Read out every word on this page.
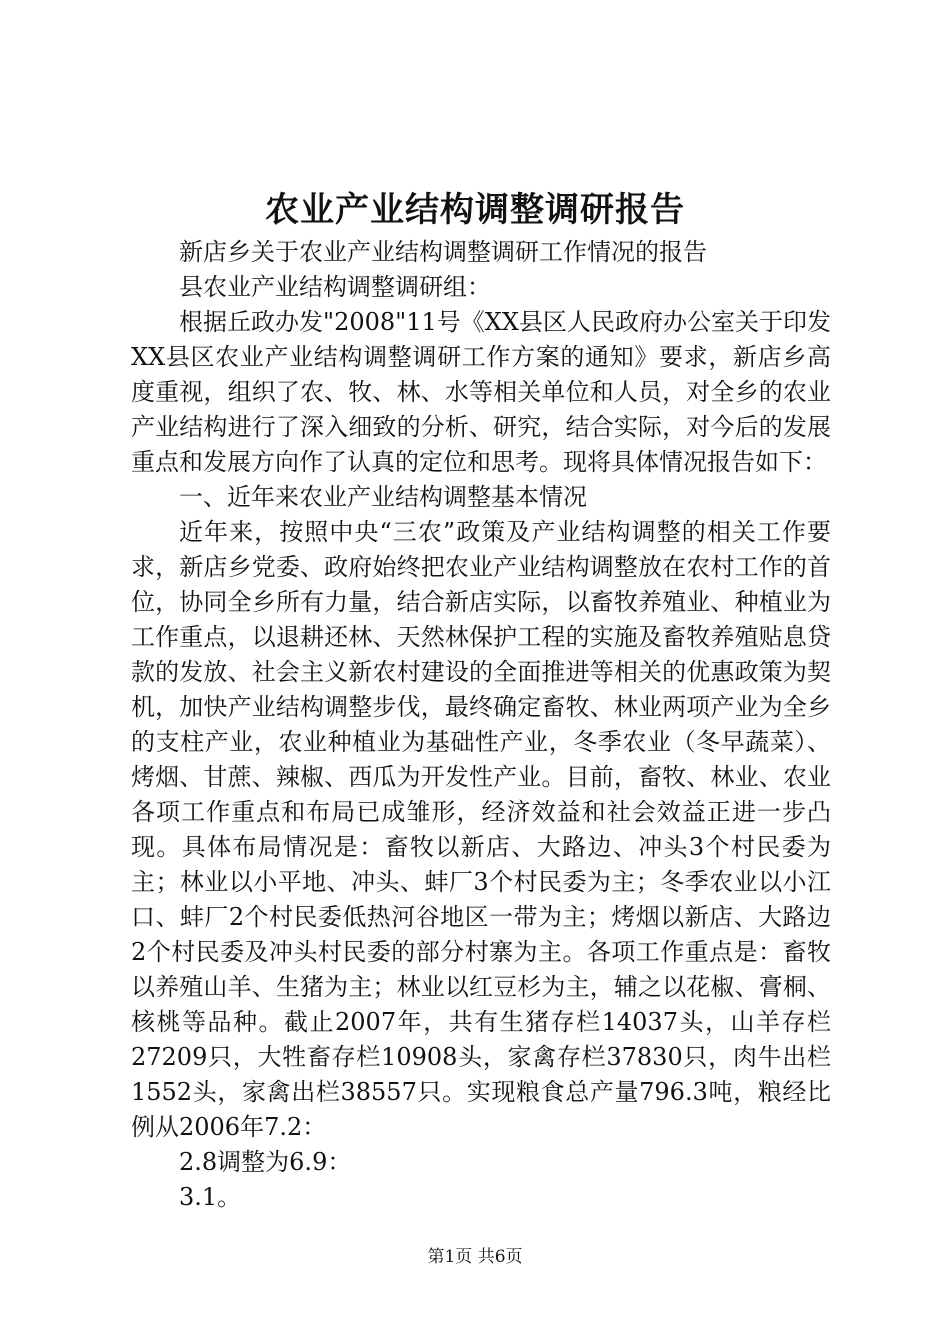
农业产业结构调整调研报告

新店乡关于农业产业结构调整调研工作情况的报告

县农业产业结构调整调研组：

根据丘政办发"2008"11号《XX县区人民政府办公室关于印发XX县区农业产业结构调整调研工作方案的通知》要求，新店乡高度重视，组织了农、牧、林、水等相关单位和人员，对全乡的农业产业结构进行了深入细致的分析、研究，结合实际，对今后的发展重点和发展方向作了认真的定位和思考。现将具体情况报告如下：

一、近年来农业产业结构调整基本情况

近年来，按照中央“三农”政策及产业结构调整的相关工作要求，新店乡党委、政府始终把农业产业结构调整放在农村工作的首位，协同全乡所有力量，结合新店实际，以畜牧养殖业、种植业为工作重点，以退耕还林、天然林保护工程的实施及畜牧养殖贴息贷款的发放、社会主义新农村建设的全面推进等相关的优惠政策为契机，加快产业结构调整步伐，最终确定畜牧、林业两项产业为全乡的支柱产业，农业种植业为基础性产业，冬季农业（冬早蔬菜）、烤烟、甘蔗、辣椒、西瓜为开发性产业。目前，畜牧、林业、农业各项工作重点和布局已成雏形，经济效益和社会效益正进一步凸现。具体布局情况是：畜牧以新店、大路边、冲头3个村民委为主；林业以小平地、冲头、蚌厂3个村民委为主；冬季农业以小江口、蚌厂2个村民委低热河谷地区一带为主；烤烟以新店、大路边2个村民委及冲头村民委的部分村寨为主。各项工作重点是：畜牧以养殖山羊、生猪为主；林业以红豆杉为主，辅之以花椒、膏桐、核桃等品种。截止2007年，共有生猪存栏14037头，山羊存栏27209只，大牲畜存栏10908头，家禽存栏37830只，肉牛出栏1552头，家禽出栏38557只。实现粮食总产量796.3吨，粮经比例从2006年7.2：

2.8调整为6.9：

3.1。

第1页 共6页
